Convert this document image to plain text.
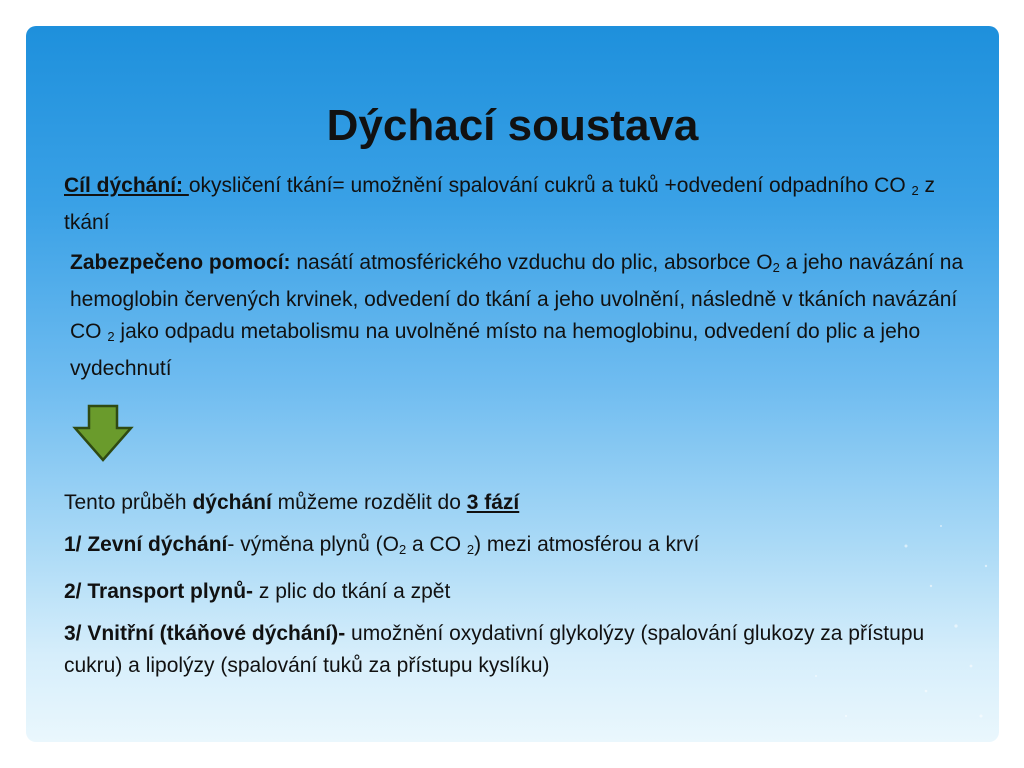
Dýchací soustava

Cíl dýchání: okysličení tkání= umožnění spalování cukrů a tuků +odvedení odpadního CO $_2$ z tkání

Zabezpečeno pomocí: nasátí atmosférického vzduchu do plic, absorbce $O_2$ a jeho navázání na hemoglobin červených krvinek, odvedení do tkání a jeho uvolnění, následně v tkáních navázání CO $_2$ jako odpadu metabolismu na uvolněné místo na hemoglobinu, odvedení do plic a jeho vydechnutí

Tento průběh dýchání můžeme rozdělit do 3 fází

1/ Zevní dýchání- výměna plynů ($O_2$ a CO $_2$) mezi atmosférou a krví

2/ Transport plynů- z plic do tkání a zpět

3/ Vnitřní (tkáňové dýchání)- umožnění oxydativní glykolýzy (spalování glukozy za přístupu cukru) a lipolýzy (spalování tuků za přístupu kyslíku)
